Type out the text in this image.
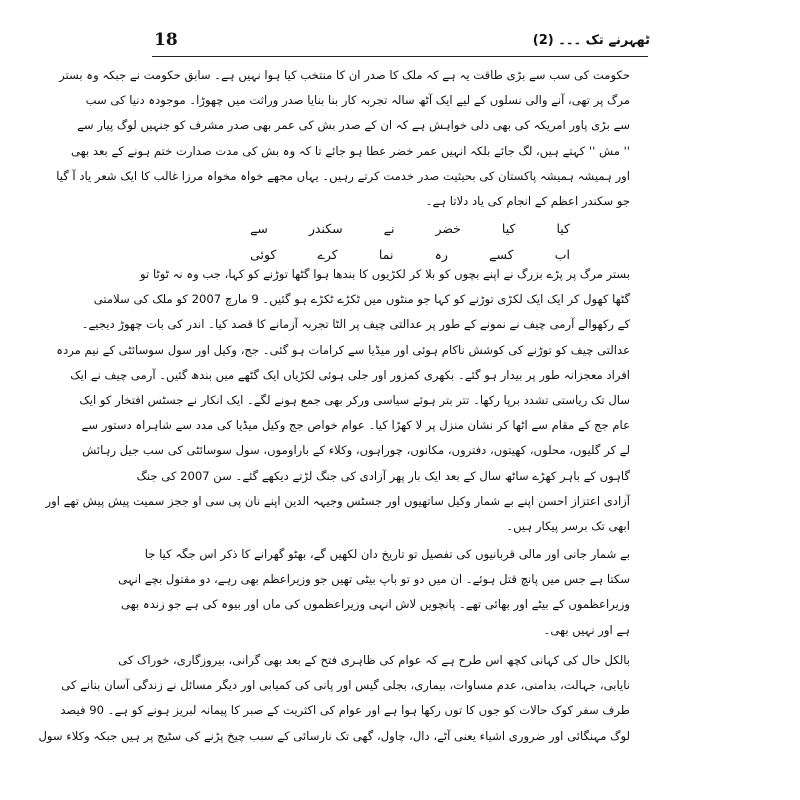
18	ٹھہرنے تک ۔۔۔ (2)
حکومت کی سب سے بڑی طاقت یہ ہے کہ ملک کا صدر ان کا منتخب کیا ہوا نہیں ہے۔ سابق حکومت نے جبکہ وہ بستر
مرگ پر تھی، آنے والی نسلوں کے لیے ایک آٹھ سالہ تجربہ کار بنا بنایا صدر وراثت میں چھوڑا۔ موجودہ دنیا کی سب
سے بڑی پاور امریکہ کی بھی دلی خواہش ہے کہ ان کے صدر بش کی عمر بھی صدر مشرف کو جنہیں لوگ پیار سے
'' مش '' کہتے ہیں، لگ جائے بلکہ انہیں عمر خضر عطا ہو جائے تا کہ وہ بش کی مدت صدارت ختم ہونے کے بعد بھی
اور ہمیشہ ہمیشہ پاکستان کی بحیثیت صدر خدمت کرتے رہیں۔ یہاں مجھے خواہ مخواہ مرزا غالب کا ایک شعر یاد آ گیا
جو سکندر اعظم کے انجام کی یاد دلاتا ہے۔
کیا
کیا
خضر
نے
سکندر
سے
اب
کسے
رہ
نما
کرے
کوئی
بستر مرگ پر پڑے بزرگ نے اپنے بچوں کو بلا کر لکڑیوں کا بندھا ہوا گٹھا توڑنے کو کہا، جب وہ نہ ٹوٹا تو
گٹھا کھول کر ایک ایک لکڑی توڑنے کو کہا جو منٹوں میں ٹکڑے ٹکڑے ہو گئیں۔ 9 مارچ 2007 کو ملک کی سلامتی
کے رکھوالے آرمی چیف نے نمونے کے طور پر عدالتی چیف پر الٹا تجربہ آزمانے کا قصد کیا۔ اندر کی بات چھوڑ دیجیے۔
عدالتی چیف کو توڑنے کی کوشش ناکام ہوئی اور میڈیا سے کرامات ہو گئی۔ جج، وکیل اور سول سوسائٹی کے نیم مردہ
افراد معجزانہ طور پر بیدار ہو گئے۔ بکھری کمزور اور جلی ہوئی لکڑیاں ایک گٹھے میں بندھ گئیں۔ آرمی چیف نے ایک
سال تک ریاستی تشدد برپا رکھا۔ تتر بتر ہوئے سیاسی ورکر بھی جمع ہونے لگے۔ ایک انکار نے جسٹس افتخار کو ایک
عام جج کے مقام سے اٹھا کر نشان منزل پر لا کھڑا کیا۔ عوام خواص جج وکیل میڈیا کی مدد سے شاہراہ دستور سے
لے کر گلیوں، محلوں، کھیتوں، دفتروں، مکانوں، چوراہوں، وکلاء کے باراوموں، سول سوسائٹی کی سب جیل رہائش
گاہوں کے باہر کھڑے ساٹھ سال کے بعد ایک بار پھر آزادی کی جنگ لڑتے دیکھے گئے۔ سن 2007 کی جنگ
آزادی اعتزاز احسن اپنے بے شمار وکیل ساتھیوں اور جسٹس وجیہہ الدین اپنے نان پی سی او ججز سمیت پیش پیش تھے اور
ابھی تک برسر پیکار ہیں۔
بے شمار جانی اور مالی قربانیوں کی تفصیل تو تاریخ دان لکھیں گے، بھٹو گھرانے کا ذکر اس جگہ کیا جا
سکتا ہے جس میں پانچ قتل ہوئے۔ ان میں دو تو باپ بیٹی تھیں جو وزیراعظم بھی رہے، دو مقتول بچے انہی
وزیراعظموں کے بیٹے اور بھائی تھے۔ پانچویں لاش انہی وزیراعظموں کی ماں اور بیوہ کی ہے جو زندہ بھی
ہے اور نہیں بھی۔
بالکل حال کی کہانی کچھ اس طرح ہے کہ عوام کی ظاہری فتح کے بعد بھی گرانی، بیروزگاری، خوراک کی
نایابی، جہالت، بدامنی، عدم مساوات، بیماری، بجلی گیس اور پانی کی کمیابی اور دیگر مسائل نے زندگی آسان بنانے کی
طرف سفر کوک حالات کو جوں کا توں رکھا ہوا ہے اور عوام کی اکثریت کے صبر کا پیمانہ لبریز ہونے کو ہے۔ 90 فیصد
لوگ مہنگائی اور ضروری اشیاء یعنی آٹے، دال، چاول، گھی تک نارسائی کے سبب چیخ پڑنے کی سٹیج پر ہیں جبکہ وکلاء سول
